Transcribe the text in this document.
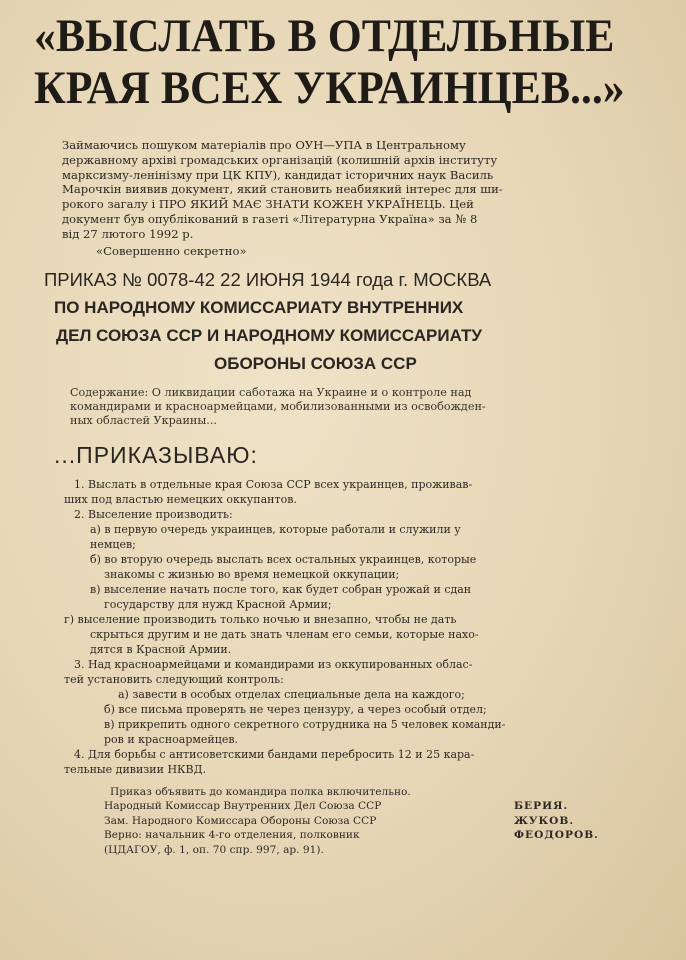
«ВЫСЛАТЬ В ОТДЕЛЬНЫЕ
КРАЯ ВСЕХ УКРАИНЦЕВ...»

Займаючись пошуком матеріалів про ОУН—УПА в Центральному

державному архіві громадських організацій (колишній архів інституту

марксизму-ленінізму при ЦК КПУ), кандидат історичних наук Василь

Марочкін виявив документ, який становить неабиякий інтерес для ши-

рокого загалу і ПРО ЯКИЙ МАЄ ЗНАТИ КОЖЕН УКРАЇНЕЦЬ. Цей

документ був опублікований в газеті «Літературна Україна» за № 8

від 27 лютого 1992 р.

«Совершенно секретно»
ПРИКАЗ № 0078-42 22 ИЮНЯ 1944 года г. МОСКВА
ПО НАРОДНОМУ КОМИССАРИАТУ ВНУТРЕННИХ
ДЕЛ СОЮЗА ССР И НАРОДНОМУ КОМИССАРИАТУ
ОБОРОНЫ СОЮЗА ССР

Содержание: О ликвидации саботажа на Украине и о контроле над

командирами и красноармейцами, мобилизованными из освобожден-

ных областей Украины...

...ПРИКАЗЫВАЮ:

1. Выслать в отдельные края Союза ССР всех украинцев, проживав-

ших под властью немецких оккупантов.

2. Выселение производить:

а) в первую очередь украинцев, которые работали и служили у

немцев;

б) во вторую очередь выслать всех остальных украинцев, которые

знакомы с жизнью во время немецкой оккупации;

в) выселение начать после того, как будет собран урожай и сдан

государству для нужд Красной Армии;

г) выселение производить только ночью и внезапно, чтобы не дать

скрыться другим и не дать знать членам его семьи, которые нахо-

дятся в Красной Армии.

3. Над красноармейцами и командирами из оккупированных облас-

тей установить следующий контроль:

а) завести в особых отделах специальные дела на каждого;

б) все письма проверять не через цензуру, а через особый отдел;

в) прикрепить одного секретного сотрудника на 5 человек команди-

ров и красноармейцев.

4. Для борьбы с антисоветскими бандами перебросить 12 и 25 карa-

тельные дивизии НКВД.

Приказ объявить до командира полка включительно.
Народный Комиссар Внутренних Дел Союза ССР	БЕРИЯ.
Зам. Народного Комиссара Обороны Союза ССР	ЖУКОВ.
Верно: начальник 4-го отделения, полковник	ФЕОДОРОВ.
(ЦДАГОУ, ф. 1, оп. 70 спр. 997, ар. 91).
